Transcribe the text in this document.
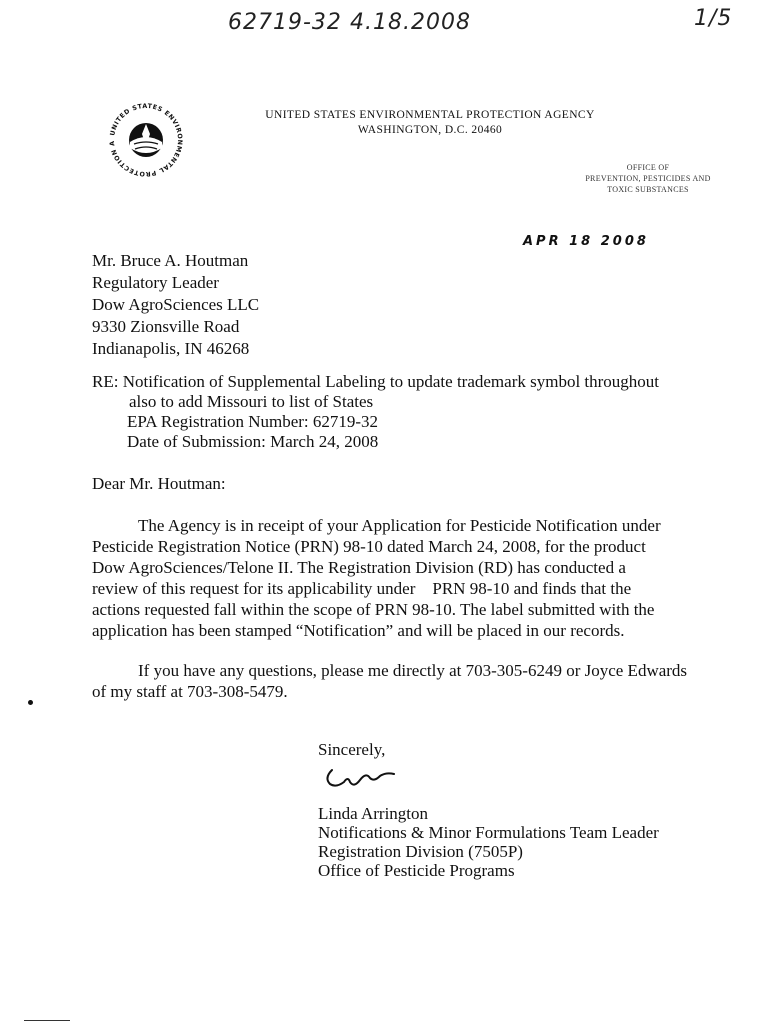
62719-32 4.18.2008	1/5
UNITED STATES ENVIRONMENTAL PROTECTION A
UNITED STATES ENVIRONMENTAL PROTECTION AGENCY
WASHINGTON, D.C. 20460
OFFICE OF
PREVENTION, PESTICIDES AND
TOXIC SUBSTANCES
APR 18 2008
Mr. Bruce A. Houtman
Regulatory Leader
Dow AgroSciences LLC
9330 Zionsville Road
Indianapolis, IN 46268
RE: Notification of Supplemental Labeling to update trademark symbol throughout
also to add Missouri to list of States
EPA Registration Number: 62719-32
Date of Submission: March 24, 2008
Dear Mr. Houtman:
The Agency is in receipt of your Application for Pesticide Notification under
Pesticide Registration Notice (PRN) 98-10 dated March 24, 2008, for the product
Dow AgroSciences/Telone II. The Registration Division (RD) has conducted a
review of this request for its applicability under    PRN 98-10 and finds that the
actions requested fall within the scope of PRN 98-10. The label submitted with the
application has been stamped “Notification” and will be placed in our records.
If you have any questions, please me directly at 703-305-6249 or Joyce Edwards
of my staff at 703-308-5479.
Sincerely,
Linda Arrington
Notifications & Minor Formulations Team Leader
Registration Division (7505P)
Office of Pesticide Programs
